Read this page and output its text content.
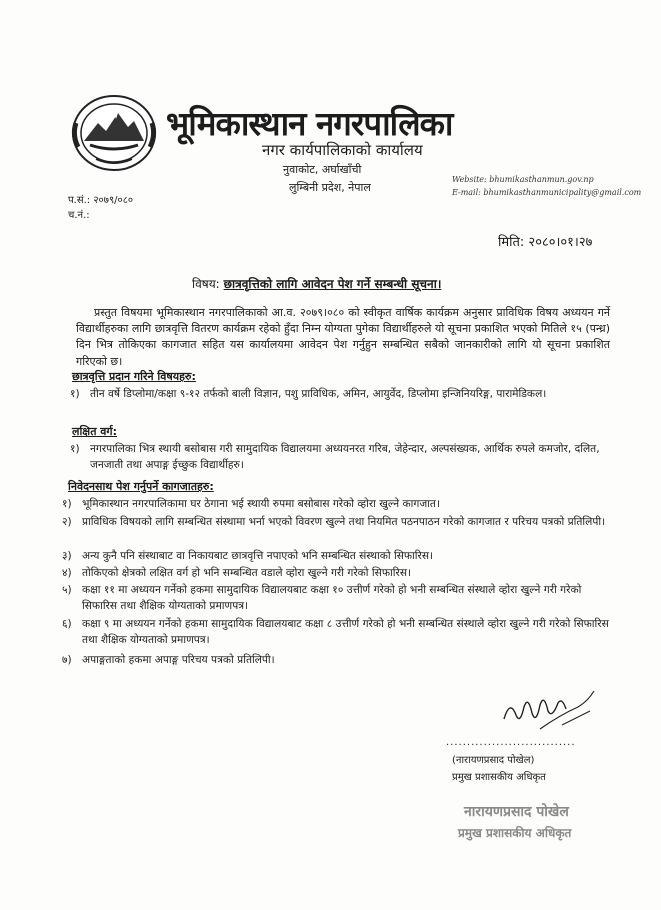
भूमिकास्थान नगरपालिका
नगर कार्यपालिकाको कार्यालय
नुवाकोट, अर्घाखाँची
लुम्बिनी प्रदेश, नेपाल
Website: bhumikasthanmun.gov.np
E-mail: bhumikasthanmunicipality@gmail.com
प.सं.: २०७९/०८०
च.नं.:
मिति: २०८०।०१।२७
विषय: छात्रवृत्तिको लागि आवेदन पेश गर्ने सम्बन्धी सूचना।
प्रस्तुत विषयमा भूमिकास्थान नगरपालिकाको आ.व. २०७९।०८० को स्वीकृत वार्षिक कार्यक्रम अनुसार प्राविधिक विषय अध्ययन गर्ने विद्यार्थीहरुका लागि छात्रवृत्ति वितरण कार्यक्रम रहेको हुँदा निम्न योग्यता पुगेका विद्यार्थीहरुले यो सूचना प्रकाशित भएको मितिले १५ (पन्ध्र) दिन भित्र तोकिएका कागजात सहित यस कार्यालयमा आवेदन पेश गर्नुहुन सम्बन्धित सबैको जानकारीको लागि यो सूचना प्रकाशित गरिएको छ।
छात्रवृत्ति प्रदान गरिने विषयहरु:
१) तीन वर्षे डिप्लोमा/कक्षा ९-१२ तर्फको बाली विज्ञान, पशु प्राविधिक, अमिन, आयुर्वेद, डिप्लोमा इन्जिनियरिङ्ग, पारामेडिकल।
लक्षित वर्ग:
१) नगरपालिका भित्र स्थायी बसोबास गरी सामुदायिक विद्यालयमा अध्ययनरत गरिब, जेहेन्दार, अल्पसंख्यक, आर्थिक रुपले कमजोर, दलित, जनजाती तथा अपाङ्ग ईच्छुक विद्यार्थीहरु।
निवेदनसाथ पेश गर्नुपर्ने कागजातहरु:
१) भूमिकास्थान नगरपालिकामा घर ठेगाना भई स्थायी रुपमा बसोबास गरेको व्होरा खुल्ने कागजात।
२) प्राविधिक विषयको लागि सम्बन्धित संस्थामा भर्ना भएको विवरण खुल्ने तथा नियमित पठनपाठन गरेको कागजात र परिचय पत्रको प्रतिलिपी।
३) अन्य कुनै पनि संस्थाबाट वा निकायबाट छात्रवृत्ति नपाएको भनि सम्बन्धित संस्थाको सिफारिस।
४) तोकिएको क्षेत्रको लक्षित वर्ग हो भनि सम्बन्धित वडाले व्होरा खुल्ने गरी गरेको सिफारिस।
५) कक्षा ११ मा अध्ययन गर्नेको हकमा सामुदायिक विद्यालयबाट कक्षा १० उत्तीर्ण गरेको हो भनी सम्बन्धित संस्थाले व्होरा खुल्ने गरी गरेको सिफारिस तथा शैक्षिक योग्यताको प्रमाणपत्र।
६) कक्षा ९ मा अध्ययन गर्नेको हकमा सामुदायिक विद्यालयबाट कक्षा ८ उत्तीर्ण गरेको हो भनी सम्बन्धित संस्थाले व्होरा खुल्ने गरी गरेको सिफारिस तथा शैक्षिक योग्यताको प्रमाणपत्र।
७) अपाङ्गताको हकमा अपाङ्ग परिचय पत्रको प्रतिलिपी।
...............................
(नारायणप्रसाद पोखेल)
प्रमुख प्रशासकीय अधिकृत
नारायणप्रसाद पोखेल
प्रमुख प्रशासकीय अधिकृत
